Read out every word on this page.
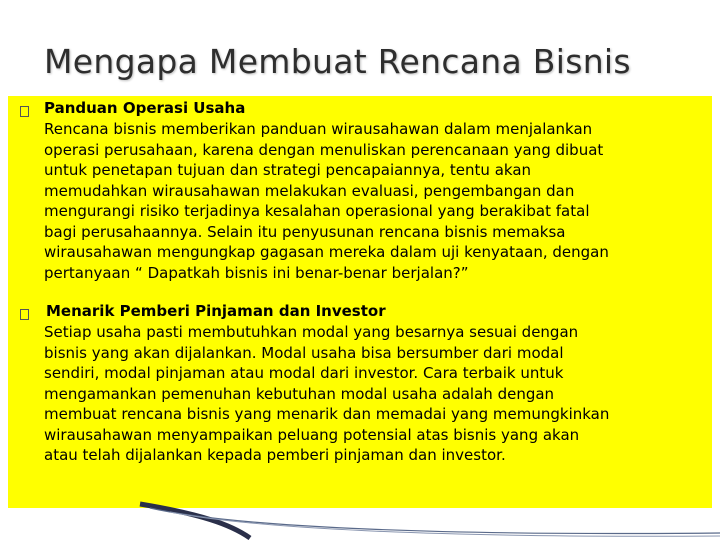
Mengapa Membuat Rencana Bisnis
Panduan Operasi Usaha

Rencana bisnis memberikan panduan wirausahawan dalam menjalankan
operasi perusahaan, karena dengan menuliskan perencanaan yang dibuat
untuk penetapan tujuan dan strategi pencapaiannya, tentu akan
memudahkan wirausahawan melakukan evaluasi, pengembangan dan
mengurangi risiko terjadinya kesalahan operasional yang berakibat fatal
bagi perusahaannya. Selain itu penyusunan rencana bisnis memaksa
wirausahawan mengungkap gagasan mereka dalam uji kenyataan, dengan
pertanyaan “ Dapatkah bisnis ini benar-benar berjalan?”

Menarik Pemberi Pinjaman dan Investor

Setiap usaha pasti membutuhkan modal yang besarnya sesuai dengan
bisnis yang akan dijalankan. Modal usaha bisa bersumber dari modal
sendiri, modal pinjaman atau modal dari investor. Cara terbaik untuk
mengamankan pemenuhan kebutuhan modal usaha adalah dengan
membuat rencana bisnis yang menarik dan memadai yang memungkinkan
wirausahawan menyampaikan peluang potensial atas bisnis yang akan
atau telah dijalankan kepada pemberi pinjaman dan investor.
